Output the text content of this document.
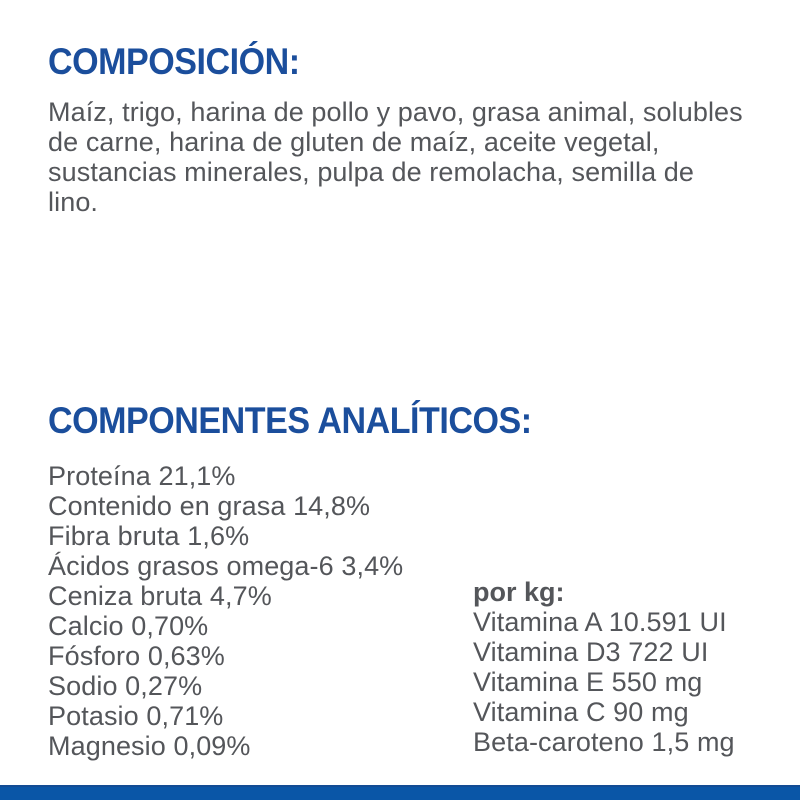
COMPOSICIÓN:

Maíz, trigo, harina de pollo y pavo, grasa animal, solubles de carne, harina de gluten de maíz, aceite vegetal, sustancias minerales, pulpa de remolacha, semilla de lino.

COMPONENTES ANALÍTICOS:
Proteína 21,1%
Contenido en grasa 14,8%
Fibra bruta 1,6%
Ácidos grasos omega-6 3,4%
Ceniza bruta 4,7%
Calcio 0,70%
Fósforo 0,63%
Sodio 0,27%
Potasio 0,71%
Magnesio 0,09%
por kg:
Vitamina A 10.591 UI
Vitamina D3 722 UI
Vitamina E 550 mg
Vitamina C 90 mg
Beta-caroteno 1,5 mg
